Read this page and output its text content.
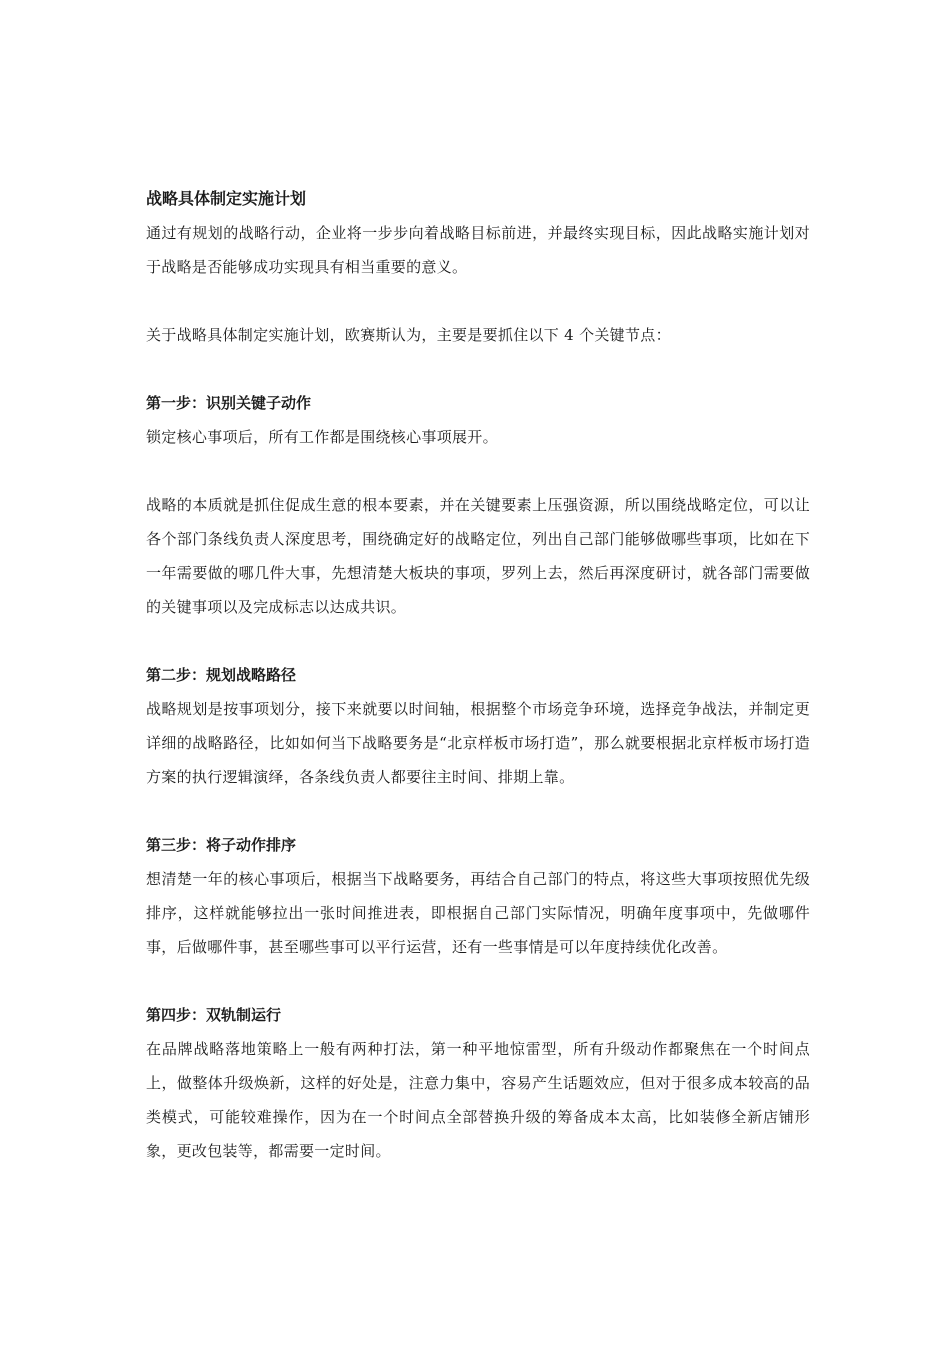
战略具体制定实施计划

通过有规划的战略行动，企业将一步步向着战略目标前进，并最终实现目标，因此战略实施计划对于战略是否能够成功实现具有相当重要的意义。

关于战略具体制定实施计划，欧赛斯认为，主要是要抓住以下 4 个关键节点：

第一步：识别关键子动作

锁定核心事项后，所有工作都是围绕核心事项展开。

战略的本质就是抓住促成生意的根本要素，并在关键要素上压强资源，所以围绕战略定位，可以让各个部门条线负责人深度思考，围绕确定好的战略定位，列出自己部门能够做哪些事项，比如在下一年需要做的哪几件大事，先想清楚大板块的事项，罗列上去，然后再深度研讨，就各部门需要做的关键事项以及完成标志以达成共识。

第二步：规划战略路径

战略规划是按事项划分，接下来就要以时间轴，根据整个市场竞争环境，选择竞争战法，并制定更详细的战略路径，比如如何当下战略要务是“北京样板市场打造”，那么就要根据北京样板市场打造方案的执行逻辑演绎，各条线负责人都要往主时间、排期上靠。

第三步：将子动作排序

想清楚一年的核心事项后，根据当下战略要务，再结合自己部门的特点，将这些大事项按照优先级排序，这样就能够拉出一张时间推进表，即根据自己部门实际情况，明确年度事项中，先做哪件事，后做哪件事，甚至哪些事可以平行运营，还有一些事情是可以年度持续优化改善。

第四步：双轨制运行

在品牌战略落地策略上一般有两种打法，第一种平地惊雷型，所有升级动作都聚焦在一个时间点上，做整体升级焕新，这样的好处是，注意力集中，容易产生话题效应，但对于很多成本较高的品类模式，可能较难操作，因为在一个时间点全部替换升级的筹备成本太高，比如装修全新店铺形象，更改包装等，都需要一定时间。
